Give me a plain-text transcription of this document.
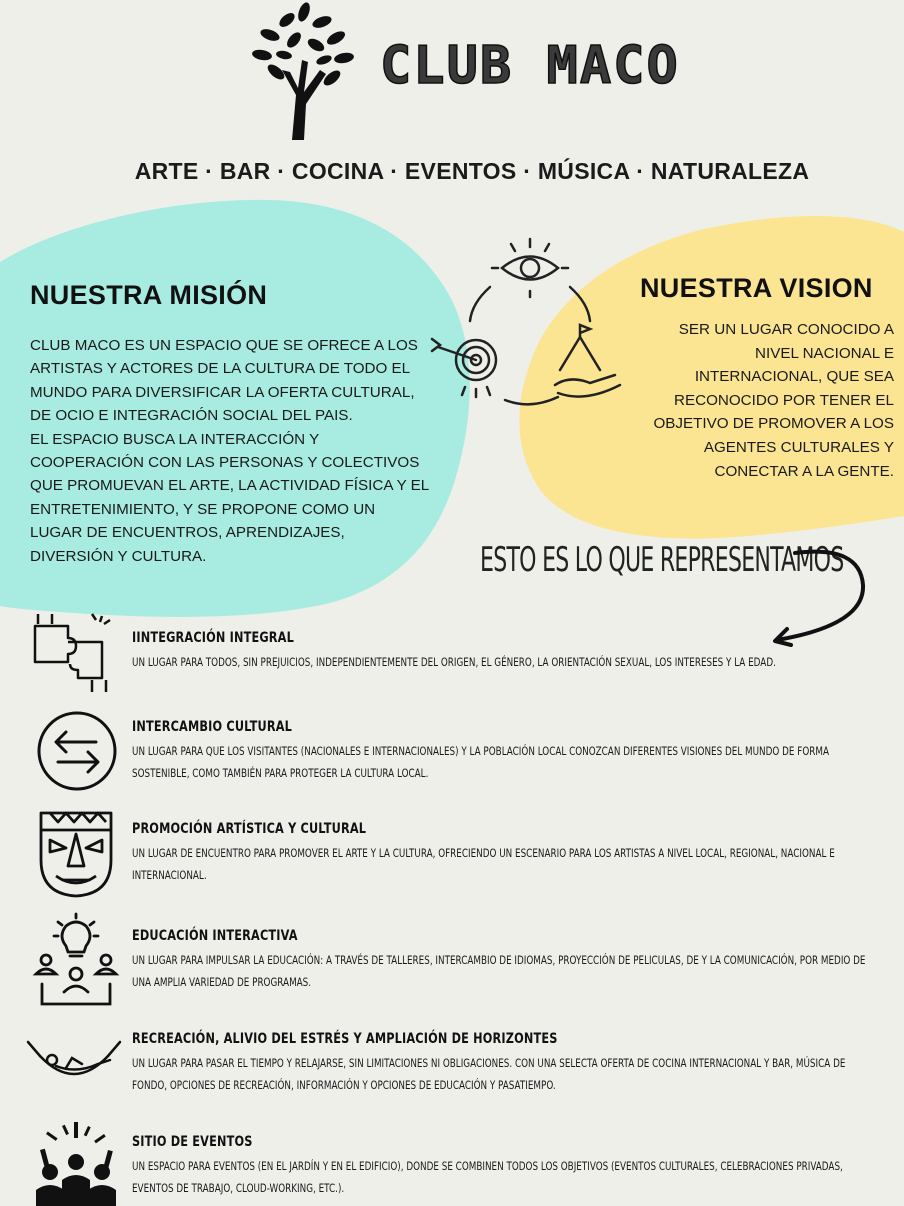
CLUB MACO
ARTE · BAR · COCINA · EVENTOS · MÚSICA · NATURALEZA
NUESTRA MISIÓN
CLUB MACO ES UN ESPACIO QUE SE OFRECE A LOS ARTISTAS Y ACTORES DE LA CULTURA DE TODO EL MUNDO PARA DIVERSIFICAR LA OFERTA CULTURAL, DE OCIO E INTEGRACIÓN SOCIAL DEL PAIS.
EL ESPACIO BUSCA LA INTERACCIÓN Y COOPERACIÓN CON LAS PERSONAS Y COLECTIVOS QUE PROMUEVAN EL ARTE, LA ACTIVIDAD FÍSICA Y EL ENTRETENIMIENTO, Y SE PROPONE COMO UN LUGAR DE ENCUENTROS, APRENDIZAJES, DIVERSIÓN Y CULTURA.
NUESTRA VISION
SER UN LUGAR CONOCIDO A NIVEL NACIONAL E INTERNACIONAL, QUE SEA RECONOCIDO POR TENER EL OBJETIVO DE PROMOVER A LOS AGENTES CULTURALES Y CONECTAR A LA GENTE.
ESTO ES LO QUE REPRESENTAMOS
IINTEGRACIÓN INTEGRAL
UN LUGAR PARA TODOS, SIN PREJUICIOS, INDEPENDIENTEMENTE DEL ORIGEN, EL GÉNERO, LA ORIENTACIÓN SEXUAL, LOS INTERESES Y LA EDAD.
INTERCAMBIO CULTURAL
UN LUGAR PARA QUE LOS VISITANTES (NACIONALES E INTERNACIONALES) Y LA POBLACIÓN LOCAL CONOZCAN DIFERENTES VISIONES DEL MUNDO DE FORMA SOSTENIBLE, COMO TAMBIÉN PARA PROTEGER LA CULTURA LOCAL.
PROMOCIÓN ARTÍSTICA Y CULTURAL
UN LUGAR DE ENCUENTRO PARA PROMOVER EL ARTE Y LA CULTURA, OFRECIENDO UN ESCENARIO PARA LOS ARTISTAS A NIVEL LOCAL, REGIONAL, NACIONAL E INTERNACIONAL.
EDUCACIÓN INTERACTIVA
UN LUGAR PARA IMPULSAR LA EDUCACIÓN: A TRAVÉS DE TALLERES, INTERCAMBIO DE IDIOMAS, PROYECCIÓN DE PELICULAS, DE Y LA COMUNICACIÓN, POR MEDIO DE UNA AMPLIA VARIEDAD DE PROGRAMAS.
RECREACIÓN, ALIVIO DEL ESTRÉS Y AMPLIACIÓN DE HORIZONTES
UN LUGAR PARA PASAR EL TIEMPO Y RELAJARSE, SIN LIMITACIONES NI OBLIGACIONES. CON UNA SELECTA OFERTA DE COCINA INTERNACIONAL Y BAR, MÚSICA DE FONDO, OPCIONES DE RECREACIÓN, INFORMACIÓN Y OPCIONES DE EDUCACIÓN Y PASATIEMPO.
SITIO DE EVENTOS
UN ESPACIO PARA EVENTOS (EN EL JARDÍN Y EN EL EDIFICIO), DONDE SE COMBINEN TODOS LOS OBJETIVOS (EVENTOS CULTURALES, CELEBRACIONES PRIVADAS, EVENTOS DE TRABAJO, CLOUD-WORKING, ETC.).
